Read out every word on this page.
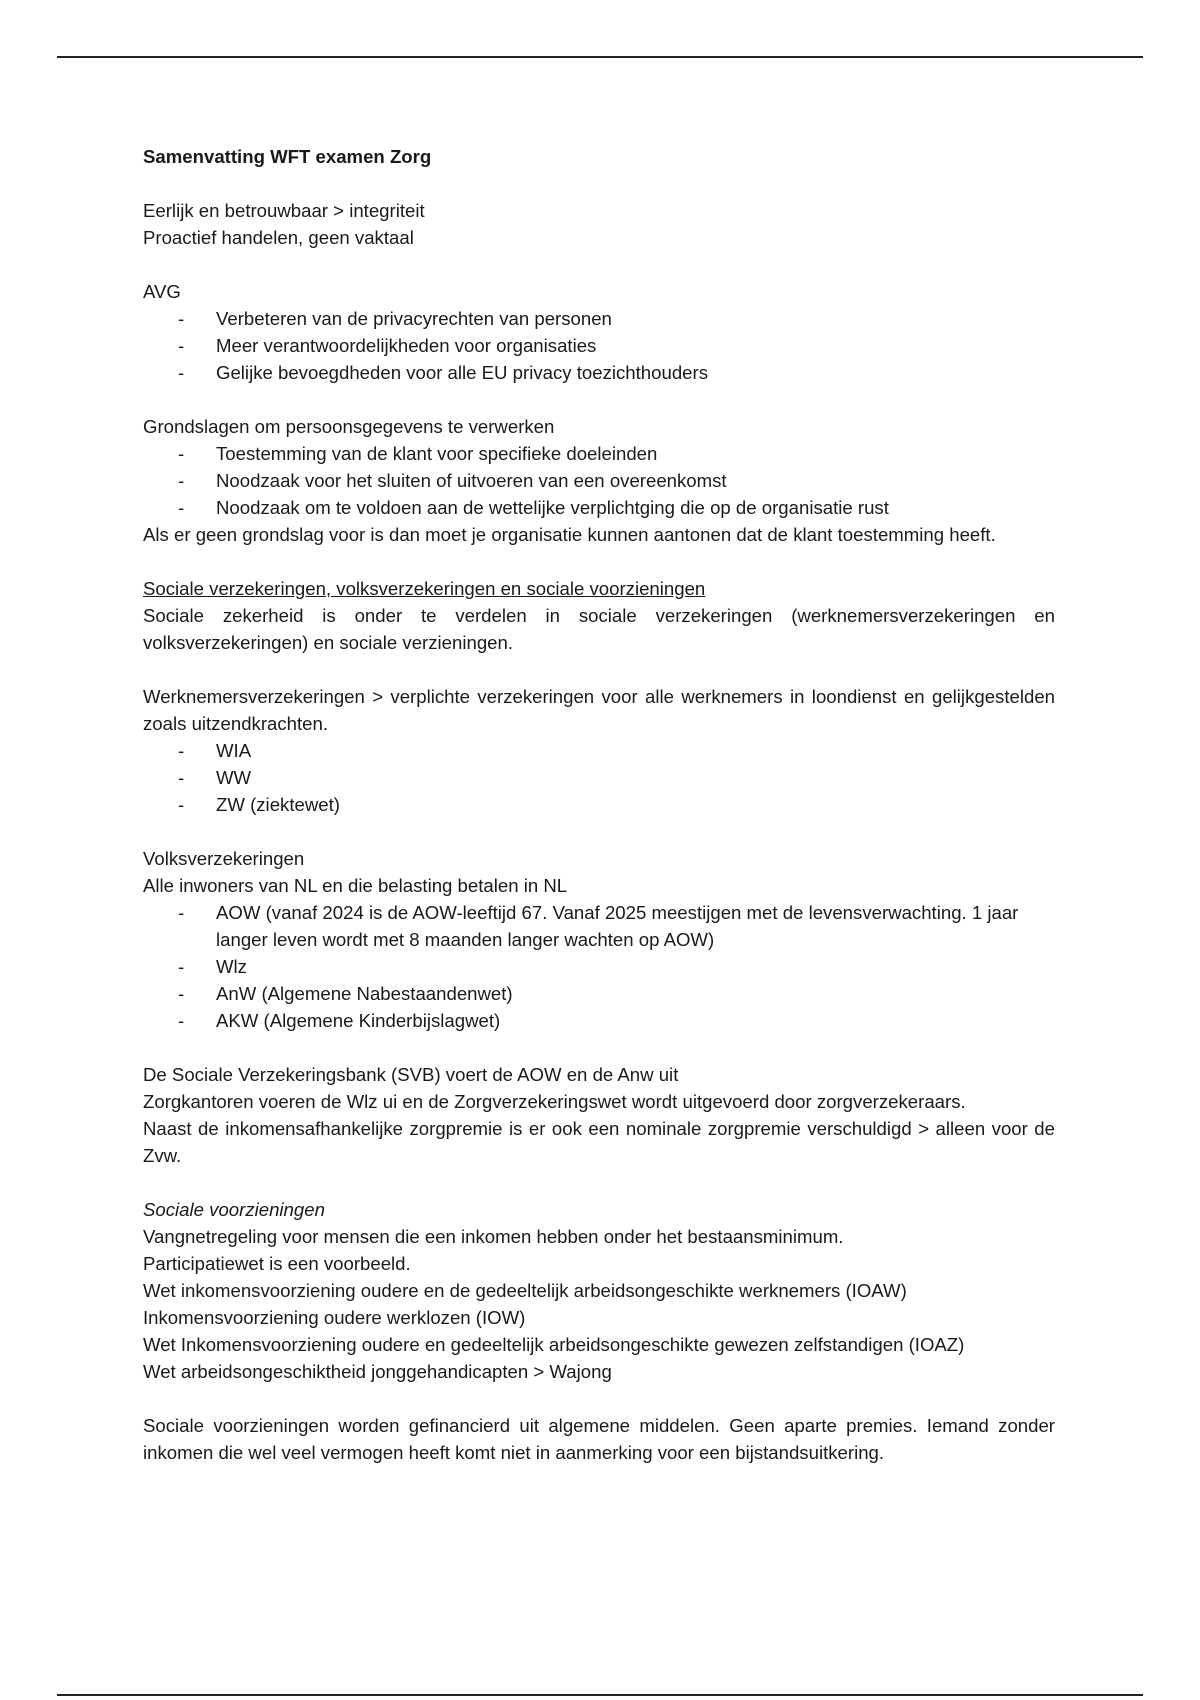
Samenvatting WFT examen Zorg
Eerlijk en betrouwbaar > integriteit
Proactief handelen, geen vaktaal
AVG
- Verbeteren van de privacyrechten van personen
- Meer verantwoordelijkheden voor organisaties
- Gelijke bevoegdheden voor alle EU privacy toezichthouders
Grondslagen om persoonsgegevens te verwerken
- Toestemming van de klant voor specifieke doeleinden
- Noodzaak voor het sluiten of uitvoeren van een overeenkomst
- Noodzaak om te voldoen aan de wettelijke verplichtging die op de organisatie rust
Als er geen grondslag voor is dan moet je organisatie kunnen aantonen dat de klant toestemming heeft.
Sociale verzekeringen, volksverzekeringen en sociale voorzieningen
Sociale zekerheid is onder te verdelen in sociale verzekeringen (werknemersverzekeringen en volksverzekeringen) en sociale verzieningen.
Werknemersverzekeringen > verplichte verzekeringen voor alle werknemers in loondienst en gelijkgestelden zoals uitzendkrachten.
- WIA
- WW
- ZW (ziektewet)
Volksverzekeringen
Alle inwoners van NL en die belasting betalen in NL
- AOW (vanaf 2024 is de AOW-leeftijd 67. Vanaf 2025 meestijgen met de levensverwachting. 1 jaar langer leven wordt met 8 maanden langer wachten op AOW)
- Wlz
- AnW (Algemene Nabestaandenwet)
- AKW (Algemene Kinderbijslagwet)
De Sociale Verzekeringsbank (SVB) voert de AOW en de Anw uit
Zorgkantoren voeren de Wlz ui en de Zorgverzekeringswet wordt uitgevoerd door zorgverzekeraars.
Naast de inkomensafhankelijke zorgpremie is er ook een nominale zorgpremie verschuldigd > alleen voor de Zvw.
Sociale voorzieningen
Vangnetregeling voor mensen die een inkomen hebben onder het bestaansminimum.
Participatiewet is een voorbeeld.
Wet inkomensvoorziening oudere en de gedeeltelijk arbeidsongeschikte werknemers (IOAW)
Inkomensvoorziening oudere werklozen (IOW)
Wet Inkomensvoorziening oudere en gedeeltelijk arbeidsongeschikte gewezen zelfstandigen (IOAZ)
Wet arbeidsongeschiktheid jonggehandicapten > Wajong
Sociale voorzieningen worden gefinancierd uit algemene middelen. Geen aparte premies. Iemand zonder inkomen die wel veel vermogen heeft komt niet in aanmerking voor een bijstandsuitkering.
